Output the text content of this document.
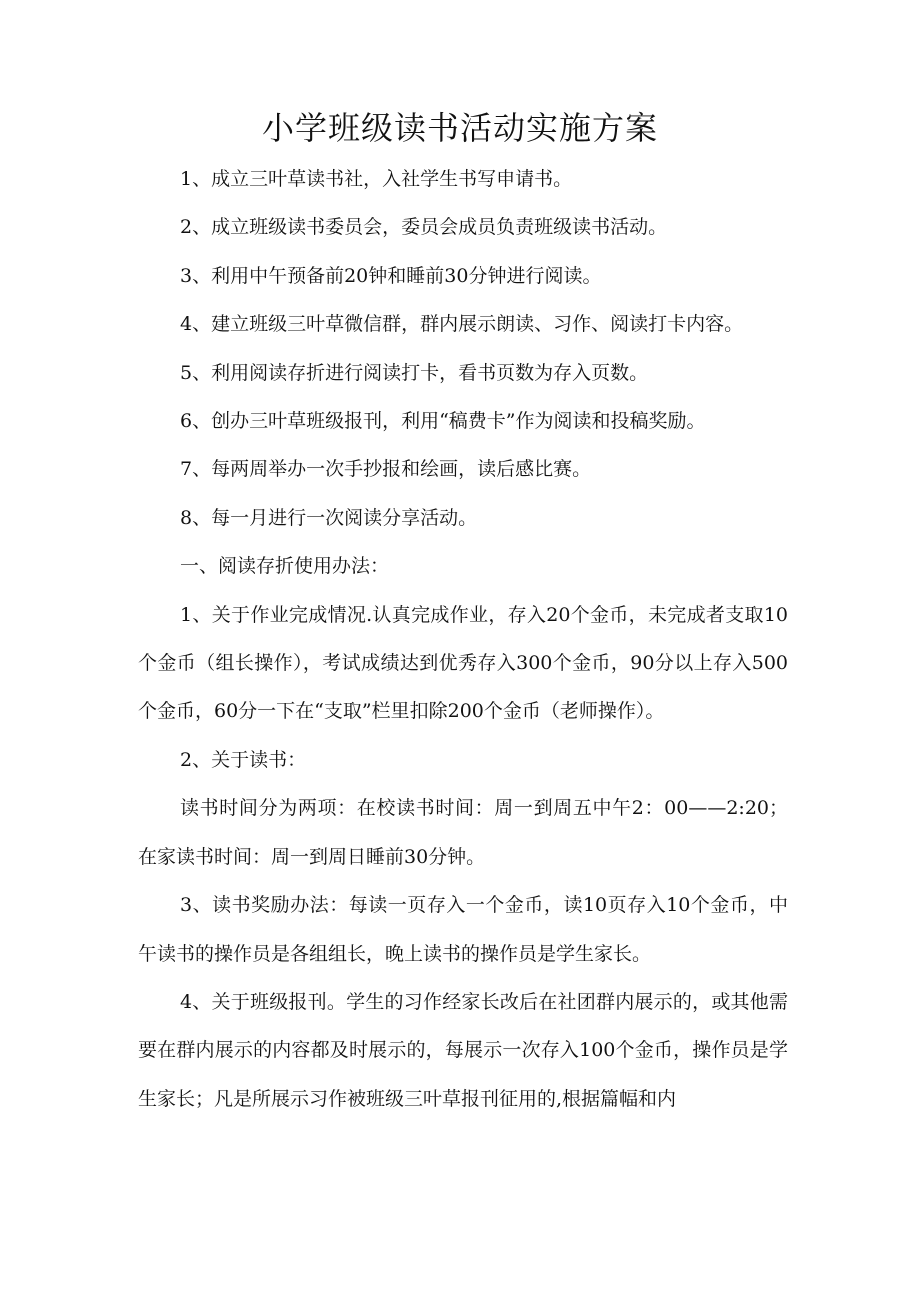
小学班级读书活动实施方案

1、成立三叶草读书社，入社学生书写申请书。

2、成立班级读书委员会，委员会成员负责班级读书活动。

3、利用中午预备前20钟和睡前30分钟进行阅读。

4、建立班级三叶草微信群，群内展示朗读、习作、阅读打卡内容。

5、利用阅读存折进行阅读打卡，看书页数为存入页数。

6、创办三叶草班级报刊，利用“稿费卡”作为阅读和投稿奖励。

7、每两周举办一次手抄报和绘画，读后感比赛。

8、每一月进行一次阅读分享活动。

一、阅读存折使用办法：

1、关于作业完成情况.认真完成作业，存入20个金币，未完成者支取10个金币（组长操作），考试成绩达到优秀存入300个金币，90分以上存入500个金币，60分一下在“支取”栏里扣除200个金币（老师操作）。

2、关于读书：

读书时间分为两项：在校读书时间：周一到周五中午2：00——2:20；在家读书时间：周一到周日睡前30分钟。

3、读书奖励办法：每读一页存入一个金币，读10页存入10个金币，中午读书的操作员是各组组长，晚上读书的操作员是学生家长。

4、关于班级报刊。学生的习作经家长改后在社团群内展示的，或其他需要在群内展示的内容都及时展示的，每展示一次存入100个金币，操作员是学生家长；凡是所展示习作被班级三叶草报刊征用的,根据篇幅和内
